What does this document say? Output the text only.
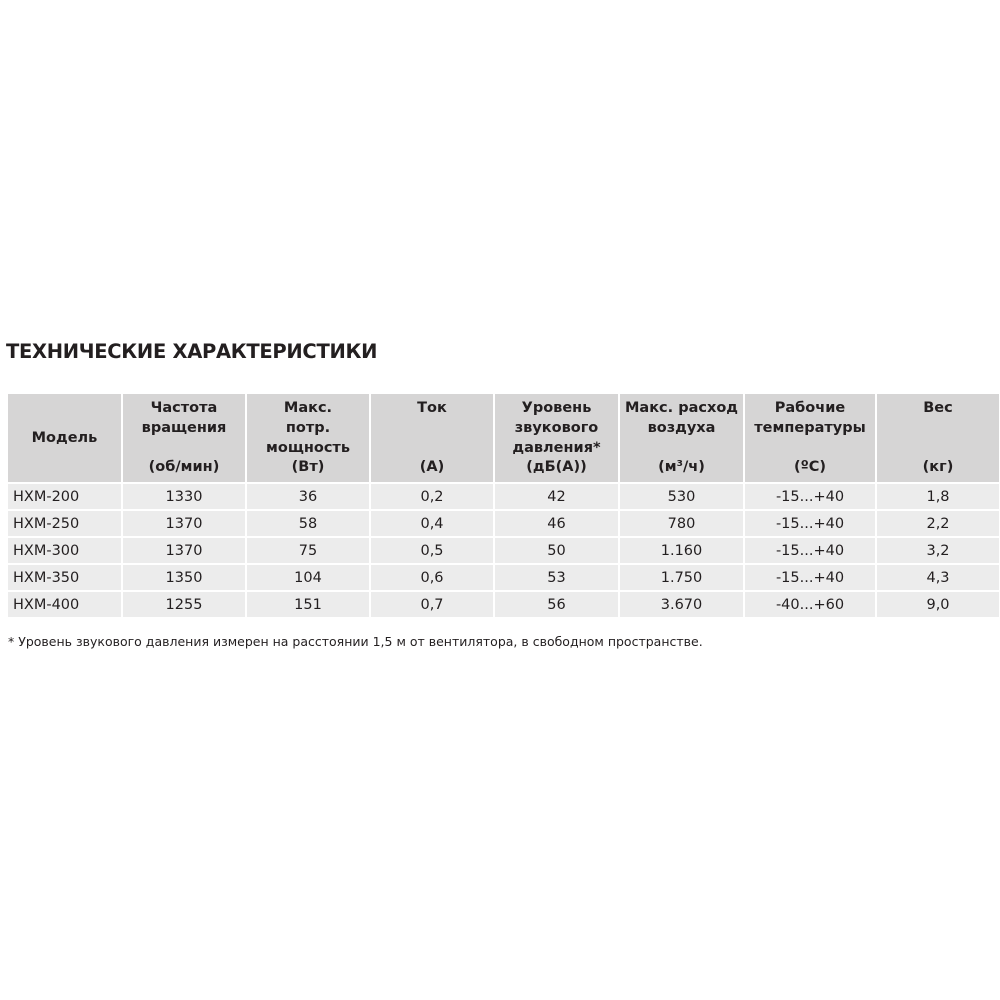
ТЕХНИЧЕСКИЕ ХАРАКТЕРИСТИКИ
Модель	Частота
вращения
(об/мин)	Макс.
потр.
мощность
(Вт)	Ток
(А)	Уровень
звукового
давления*
(дБ(А))	Макс. расход
воздуха
(м³/ч)	Рабочие
температуры
(ºC)	Вес
(кг)

HXM-200	1330	36	0,2	42	530	-15...+40	1,8
HXM-250	1370	58	0,4	46	780	-15...+40	2,2
HXM-300	1370	75	0,5	50	1.160	-15...+40	3,2
HXM-350	1350	104	0,6	53	1.750	-15...+40	4,3
HXM-400	1255	151	0,7	56	3.670	-40...+60	9,0
* Уровень звукового давления измерен на расстоянии 1,5 м от вентилятора, в свободном пространстве.
